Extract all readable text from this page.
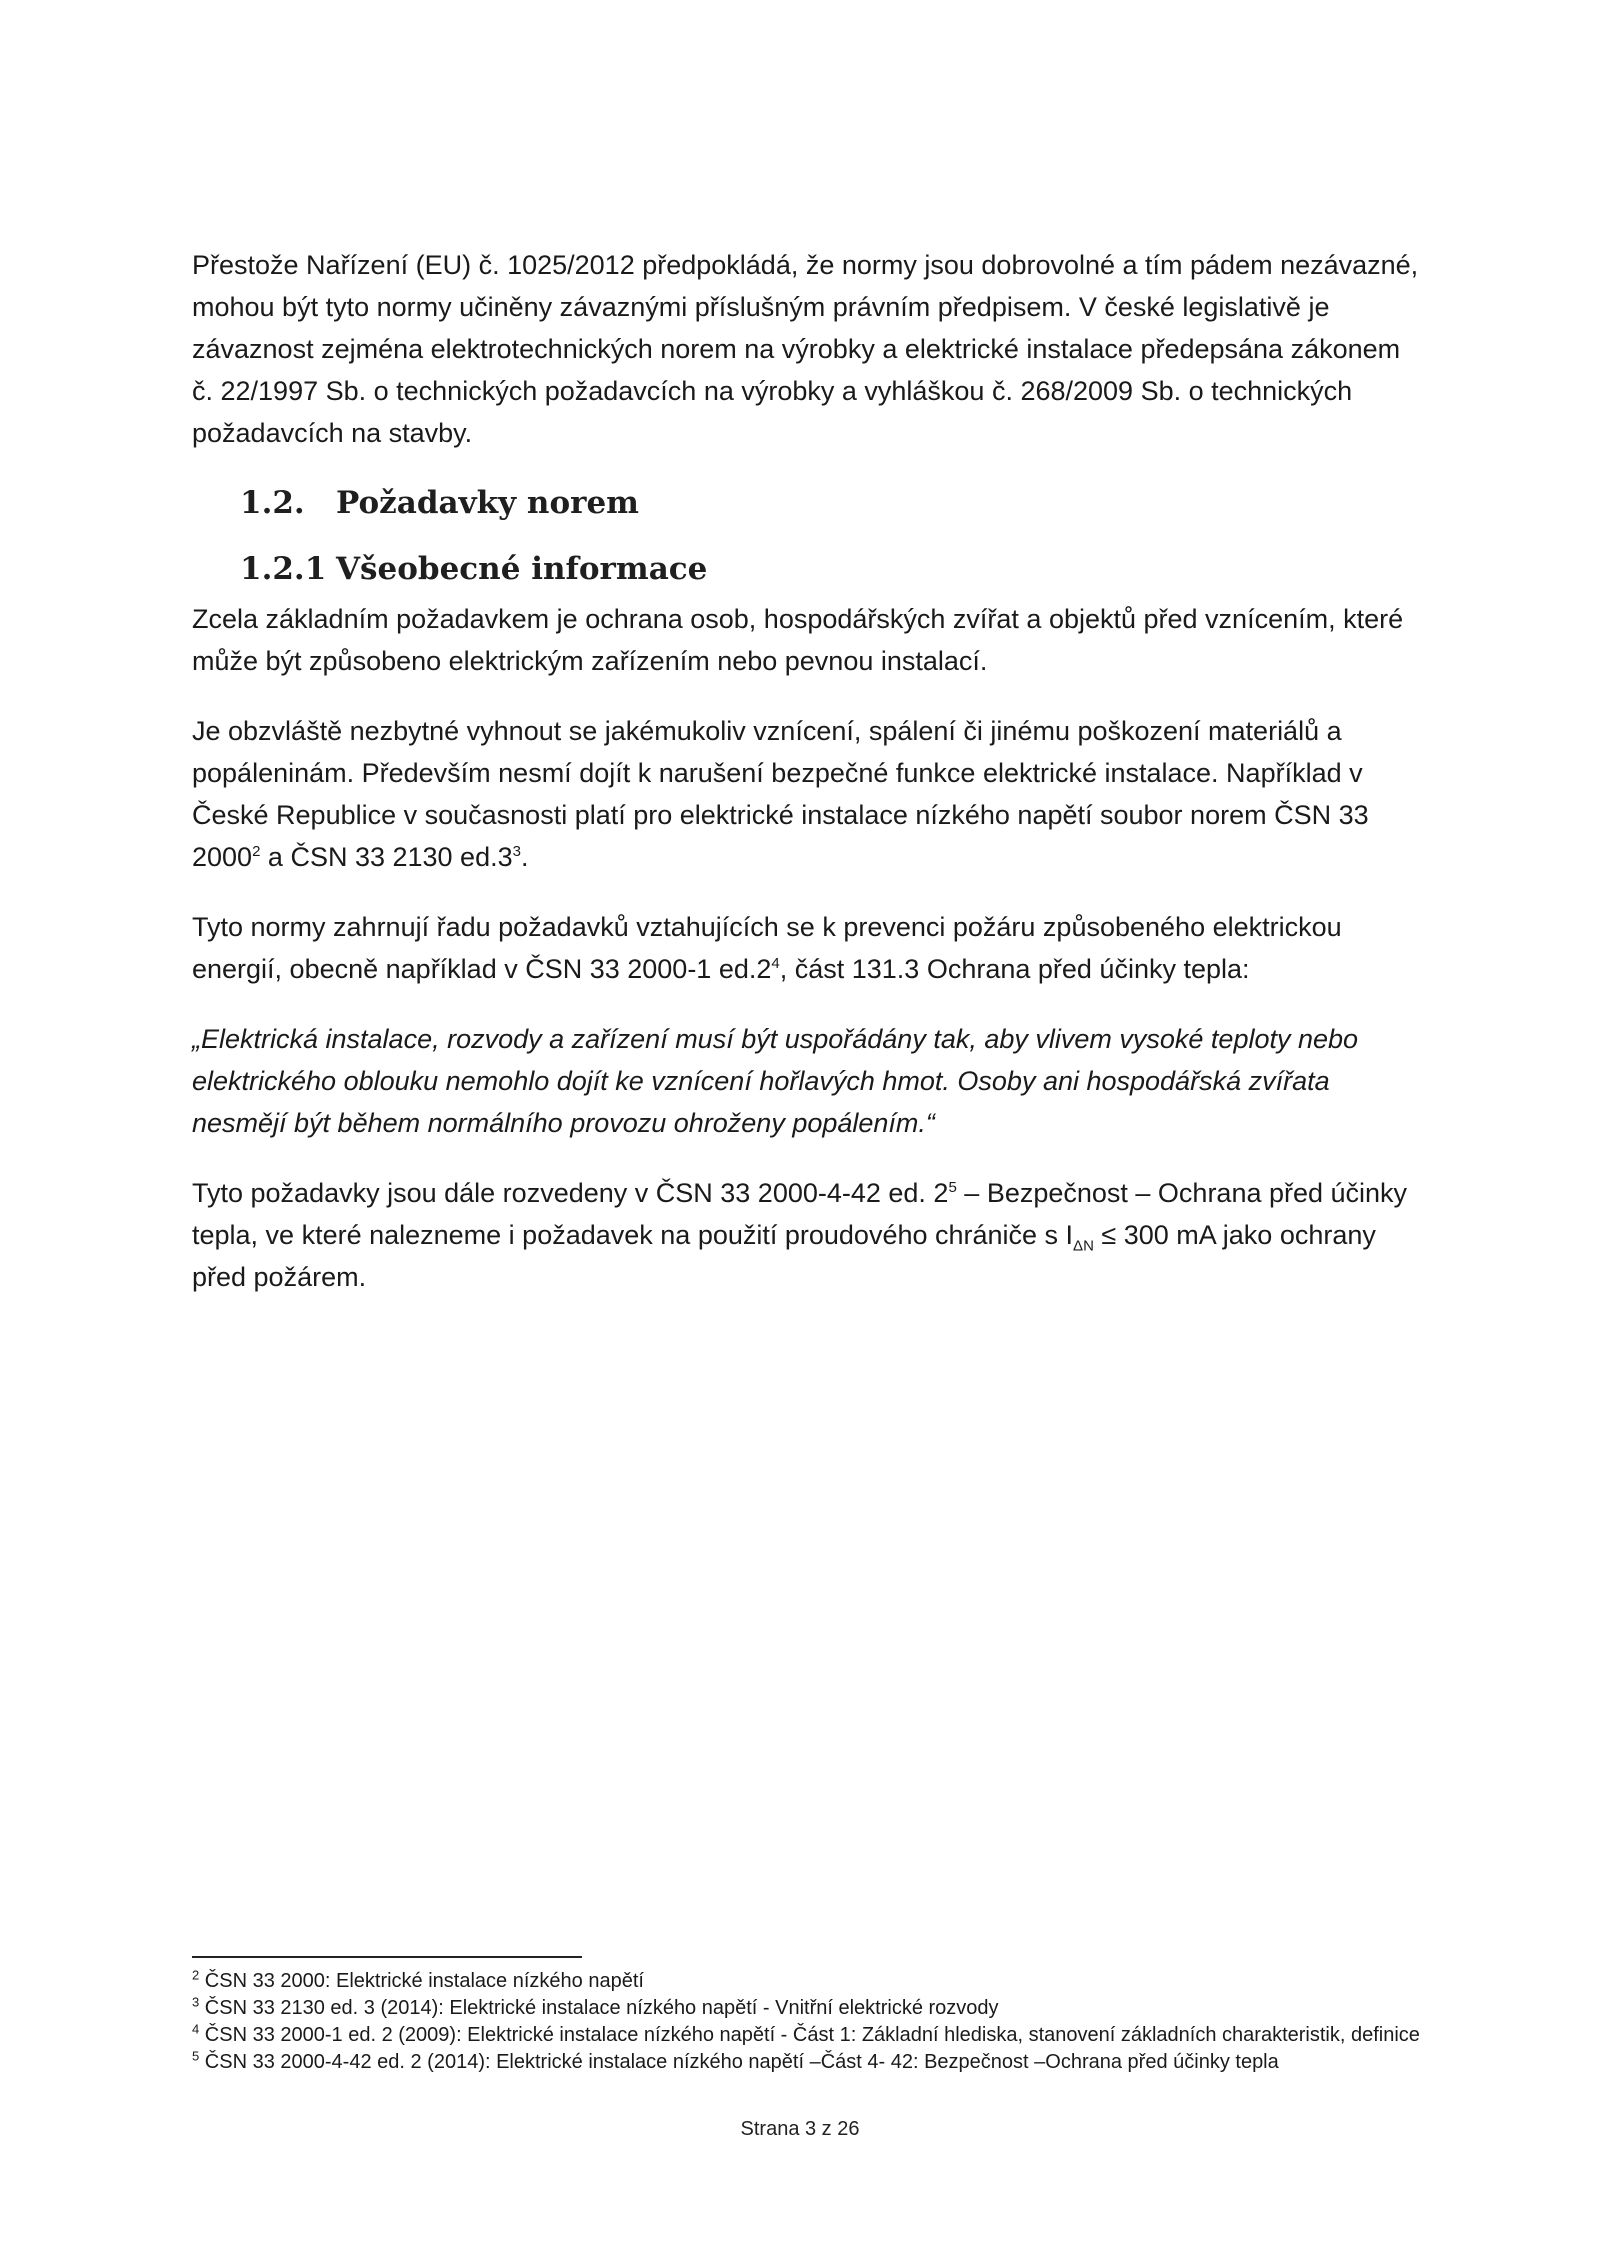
Přestože Nařízení (EU) č. 1025/2012 předpokládá, že normy jsou dobrovolné a tím pádem nezávazné, mohou být tyto normy učiněny závaznými příslušným právním předpisem. V české legislativě je závaznost zejména elektrotechnických norem na výrobky a elektrické instalace předepsána zákonem č. 22/1997 Sb. o technických požadavcích na výrobky a vyhláškou č. 268/2009 Sb. o technických požadavcích na stavby.

1.2. Požadavky norem
1.2.1 Všeobecné informace

Zcela základním požadavkem je ochrana osob, hospodářských zvířat a objektů před vznícením, které může být způsobeno elektrickým zařízením nebo pevnou instalací.

Je obzvláště nezbytné vyhnout se jakémukoliv vznícení, spálení či jinému poškození materiálů a popáleninám. Především nesmí dojít k narušení bezpečné funkce elektrické instalace. Například v České Republice v současnosti platí pro elektrické instalace nízkého napětí soubor norem ČSN 33 2000$^2$ a ČSN 33 2130 $ed.3^3$.

Tyto normy zahrnují řadu požadavků vztahujících se k prevenci požáru způsobeného elektrickou energií, obecně například v ČSN 33 2000-1 $ed.2^4$, část 131.3 Ochrana před účinky tepla:

„Elektrická instalace, rozvody a zařízení musí být uspořádány tak, aby vlivem vysoké teploty nebo elektrického oblouku nemohlo dojít ke vznícení hořlavých hmot. Osoby ani hospodářská zvířata nesmějí být během normálního provozu ohroženy popálením.“

Tyto požadavky jsou dále rozvedeny v ČSN 33 2000-4-42 ed. $2^5$ – Bezpečnost – Ochrana před účinky tepla, ve které nalezneme i požadavek na použití proudového chrániče s $I_{\Delta N} \le 300$ mA jako ochrany před požárem.

$^2$ ČSN 33 2000: Elektrické instalace nízkého napětí

$^3$ ČSN 33 2130 ed. 3 (2014): Elektrické instalace nízkého napětí - Vnitřní elektrické rozvody

$^4$ ČSN 33 2000-1 ed. 2 (2009): Elektrické instalace nízkého napětí - Část 1: Základní hlediska, stanovení základních charakteristik, definice

$^5$ ČSN 33 2000-4-42 ed. 2 (2014): Elektrické instalace nízkého napětí –Část 4- 42: Bezpečnost –Ochrana před účinky tepla

Strana 3 z 26
